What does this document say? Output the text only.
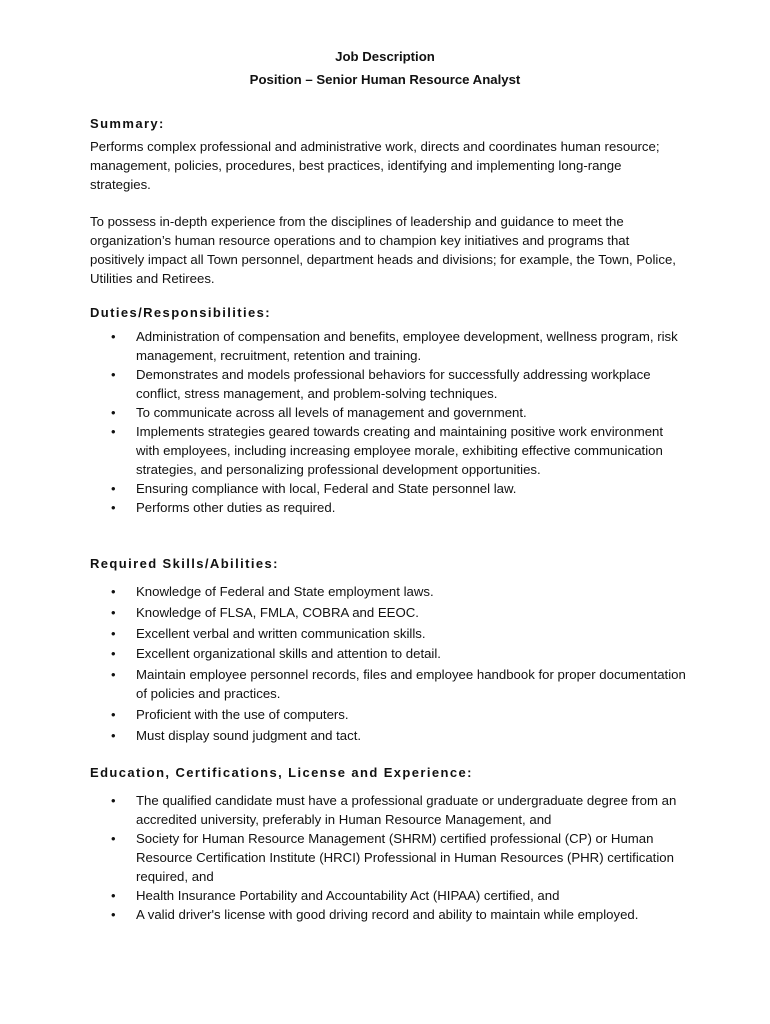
Job Description
Position – Senior Human Resource Analyst
Summary:

Performs complex professional and administrative work, directs and coordinates human resource; management, policies, procedures, best practices, identifying and implementing long-range strategies.

To possess in-depth experience from the disciplines of leadership and guidance to meet the organization’s human resource operations and to champion key initiatives and programs that positively impact all Town personnel, department heads and divisions; for example, the Town, Police, Utilities and Retirees.

Duties/Responsibilities:
• Administration of compensation and benefits, employee development, wellness program, risk management, recruitment, retention and training.
• Demonstrates and models professional behaviors for successfully addressing workplace conflict, stress management, and problem-solving techniques.
• To communicate across all levels of management and government.
• Implements strategies geared towards creating and maintaining positive work environment with employees, including increasing employee morale, exhibiting effective communication strategies, and personalizing professional development opportunities.
• Ensuring compliance with local, Federal and State personnel law.
• Performs other duties as required.
Required Skills/Abilities:
• Knowledge of Federal and State employment laws.
• Knowledge of FLSA, FMLA, COBRA and EEOC.
• Excellent verbal and written communication skills.
• Excellent organizational skills and attention to detail.
• Maintain employee personnel records, files and employee handbook for proper documentation of policies and practices.
• Proficient with the use of computers.
• Must display sound judgment and tact.
Education, Certifications, License and Experience:
• The qualified candidate must have a professional graduate or undergraduate degree from an accredited university, preferably in Human Resource Management, and
• Society for Human Resource Management (SHRM) certified professional (CP) or Human Resource Certification Institute (HRCI) Professional in Human Resources (PHR) certification required, and
• Health Insurance Portability and Accountability Act (HIPAA) certified, and
• A valid driver's license with good driving record and ability to maintain while employed.
